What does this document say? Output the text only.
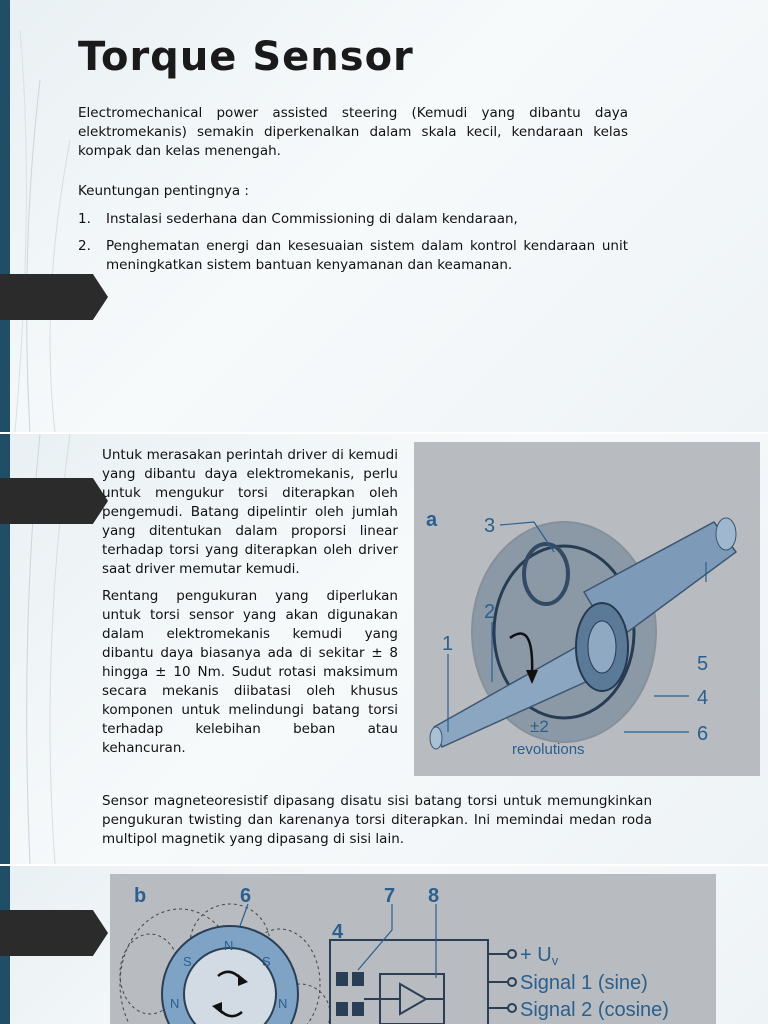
Torque Sensor

Electromechanical power assisted steering (Kemudi yang dibantu daya elektromekanis) semakin diperkenalkan dalam skala kecil, kendaraan kelas kompak dan kelas menengah.

Keuntungan pentingnya :

1.	Instalasi sederhana dan Commissioning di dalam kendaraan,
2.	Penghematan energi dan kesesuaian sistem dalam kontrol kendaraan unit meningkatkan sistem bantuan kenyamanan dan keamanan.

Untuk merasakan perintah driver di kemudi yang dibantu daya elektromekanis, perlu untuk mengukur torsi diterapkan oleh pengemudi. Batang dipelintir oleh jumlah yang ditentukan dalam proporsi linear terhadap torsi yang diterapkan oleh driver saat driver memutar kemudi.

Rentang pengukuran yang diperlukan untuk torsi sensor yang akan digunakan dalam elektromekanis kemudi yang dibantu daya biasanya ada di sekitar ± 8 hingga ± 10 Nm. Sudut rotasi maksimum secara mekanis diibatasi oleh khusus komponen untuk melindungi batang torsi terhadap kelebihan beban atau kehancuran.

a
1
2
3
4
5
6
±2
revolutions

Sensor magneteoresistif dipasang disatu sisi batang torsi untuk memungkinkan pengukuran twisting dan karenanya torsi diterapkan. Ini memindai medan roda multipol magnetik yang dipasang di sisi lain.

N
S	S
N	N
b	6
4
7 8
+ $U_v$
Signal 1 (sine)
Signal 2 (cosine)
